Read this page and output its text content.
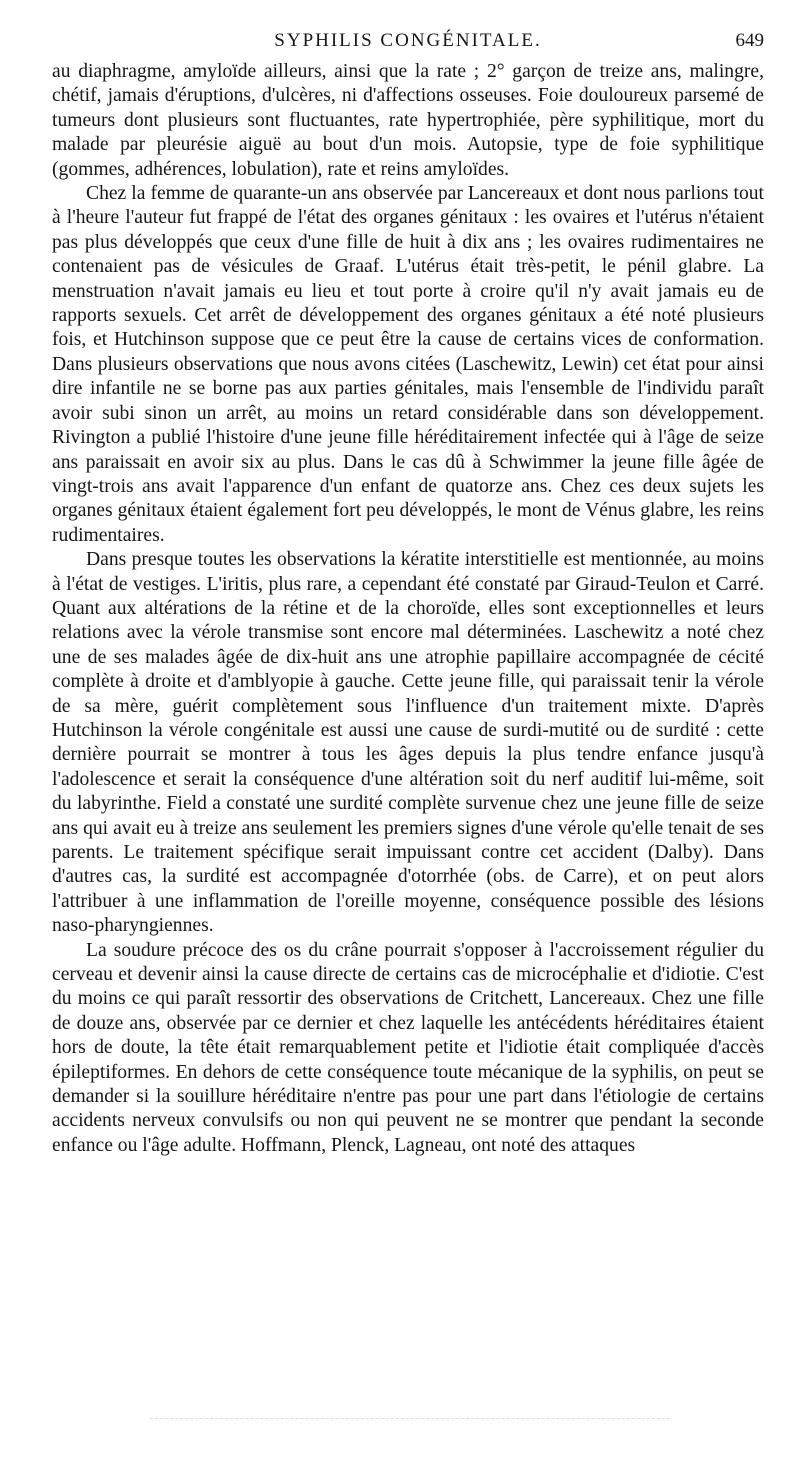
SYPHILIS CONGÉNITALE.	649

au diaphragme, amyloïde ailleurs, ainsi que la rate ; 2° garçon de treize ans, malingre, chétif, jamais d'éruptions, d'ulcères, ni d'affections osseuses. Foie douloureux parsemé de tumeurs dont plusieurs sont fluctuantes, rate hypertrophiée, père syphilitique, mort du malade par pleurésie aiguë au bout d'un mois. Autopsie, type de foie syphilitique (gommes, adhérences, lobulation), rate et reins amyloïdes.

Chez la femme de quarante-un ans observée par Lancereaux et dont nous parlions tout à l'heure l'auteur fut frappé de l'état des organes génitaux : les ovaires et l'utérus n'étaient pas plus développés que ceux d'une fille de huit à dix ans ; les ovaires rudimentaires ne contenaient pas de vésicules de Graaf. L'utérus était très-petit, le pénil glabre. La menstruation n'avait jamais eu lieu et tout porte à croire qu'il n'y avait jamais eu de rapports sexuels. Cet arrêt de développement des organes génitaux a été noté plusieurs fois, et Hutchinson suppose que ce peut être la cause de certains vices de conformation. Dans plusieurs observations que nous avons citées (Laschewitz, Lewin) cet état pour ainsi dire infantile ne se borne pas aux parties génitales, mais l'ensemble de l'individu paraît avoir subi sinon un arrêt, au moins un retard considérable dans son développement. Rivington a publié l'histoire d'une jeune fille héréditairement infectée qui à l'âge de seize ans paraissait en avoir six au plus. Dans le cas dû à Schwimmer la jeune fille âgée de vingt-trois ans avait l'apparence d'un enfant de quatorze ans. Chez ces deux sujets les organes génitaux étaient également fort peu développés, le mont de Vénus glabre, les reins rudimentaires.

Dans presque toutes les observations la kératite interstitielle est mentionnée, au moins à l'état de vestiges. L'iritis, plus rare, a cependant été constaté par Giraud-Teulon et Carré. Quant aux altérations de la rétine et de la choroïde, elles sont exceptionnelles et leurs relations avec la vérole transmise sont encore mal déterminées. Laschewitz a noté chez une de ses malades âgée de dix-huit ans une atrophie papillaire accompagnée de cécité complète à droite et d'amblyopie à gauche. Cette jeune fille, qui paraissait tenir la vérole de sa mère, guérit complètement sous l'influence d'un traitement mixte. D'après Hutchinson la vérole congénitale est aussi une cause de surdi-mutité ou de surdité : cette dernière pourrait se montrer à tous les âges depuis la plus tendre enfance jusqu'à l'adolescence et serait la conséquence d'une altération soit du nerf auditif lui-même, soit du labyrinthe. Field a constaté une surdité complète survenue chez une jeune fille de seize ans qui avait eu à treize ans seulement les premiers signes d'une vérole qu'elle tenait de ses parents. Le traitement spécifique serait impuissant contre cet accident (Dalby). Dans d'autres cas, la surdité est accompagnée d'otorrhée (obs. de Carre), et on peut alors l'attribuer à une inflammation de l'oreille moyenne, conséquence possible des lésions naso-pharyngiennes.

La soudure précoce des os du crâne pourrait s'opposer à l'accroissement régulier du cerveau et devenir ainsi la cause directe de certains cas de microcéphalie et d'idiotie. C'est du moins ce qui paraît ressortir des observations de Critchett, Lancereaux. Chez une fille de douze ans, observée par ce dernier et chez laquelle les antécédents héréditaires étaient hors de doute, la tête était remarquablement petite et l'idiotie était compliquée d'accès épileptiformes. En dehors de cette conséquence toute mécanique de la syphilis, on peut se demander si la souillure héréditaire n'entre pas pour une part dans l'étiologie de certains accidents nerveux convulsifs ou non qui peuvent ne se montrer que pendant la seconde enfance ou l'âge adulte. Hoffmann, Plenck, Lagneau, ont noté des attaques
